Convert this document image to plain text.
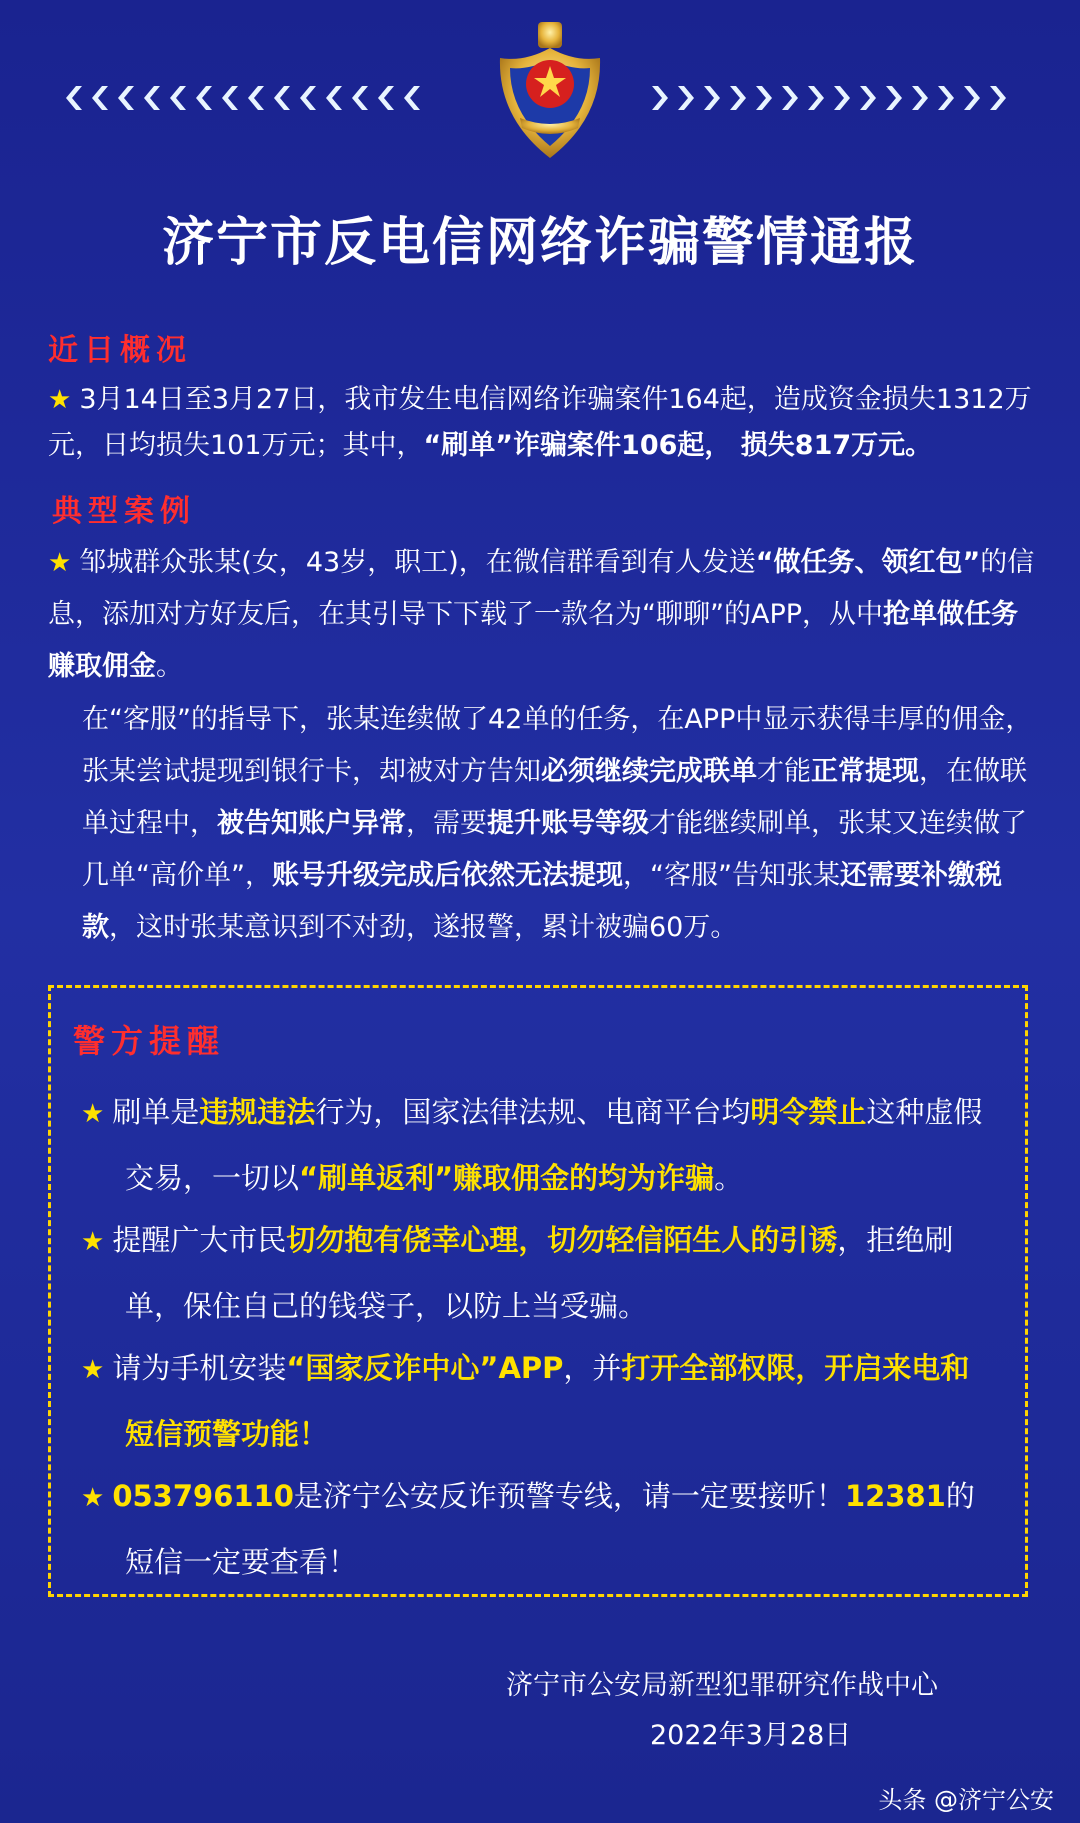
济宁市反电信网络诈骗警情通报
近日概况
★ 3月14日至3月27日，我市发生电信网络诈骗案件164起，造成资金损失1312万元，日均损失101万元；其中，“刷单”诈骗案件106起， 损失817万元。
典型案例
★ 邹城群众张某(女，43岁，职工)，在微信群看到有人发送“做任务、领红包”的信息，添加对方好友后，在其引导下下载了一款名为“聊聊”的APP，从中抢单做任务赚取佣金。
在“客服”的指导下，张某连续做了42单的任务，在APP中显示获得丰厚的佣金，张某尝试提现到银行卡，却被对方告知必须继续完成联单才能正常提现，在做联单过程中，被告知账户异常，需要提升账号等级才能继续刷单，张某又连续做了几单“高价单”，账号升级完成后依然无法提现，“客服”告知张某还需要补缴税款，这时张某意识到不对劲，遂报警，累计被骗60万。
警方提醒
★ 刷单是违规违法行为，国家法律法规、电商平台均明令禁止这种虚假交易，一切以“刷单返利”赚取佣金的均为诈骗。
★ 提醒广大市民切勿抱有侥幸心理，切勿轻信陌生人的引诱，拒绝刷单，保住自己的钱袋子，以防上当受骗。
★ 请为手机安装“国家反诈中心”APP，并打开全部权限，开启来电和短信预警功能！
★ 053796110是济宁公安反诈预警专线，请一定要接听！12381的短信一定要查看！
济宁市公安局新型犯罪研究作战中心
2022年3月28日
头条 @济宁公安
